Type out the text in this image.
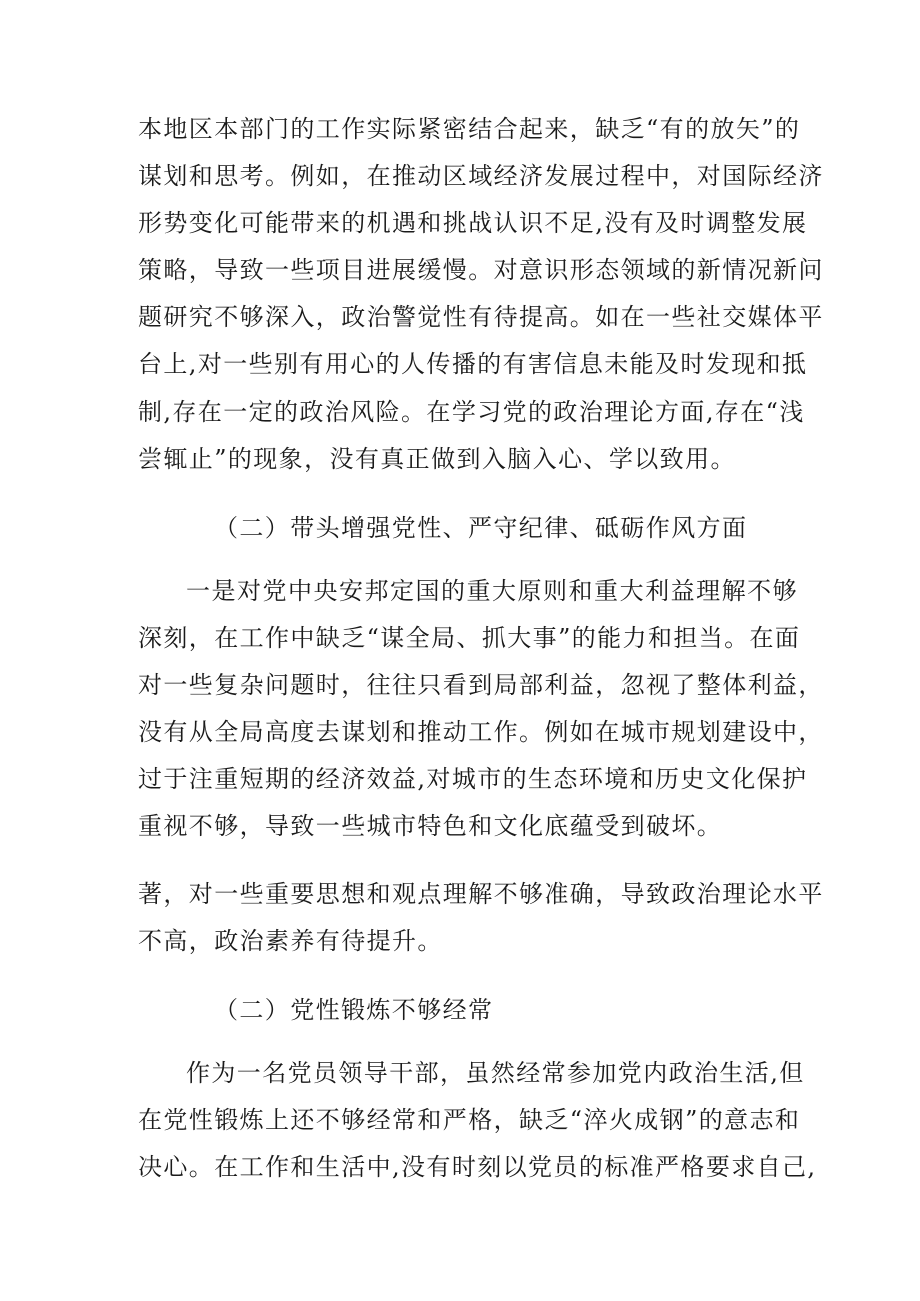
本地区本部门的工作实际紧密结合起来，缺乏“有的放矢”的
谋划和思考。例如，在推动区域经济发展过程中，对国际经济
形势变化可能带来的机遇和挑战认识不足,没有及时调整发展
策略，导致一些项目进展缓慢。对意识形态领域的新情况新问
题研究不够深入，政治警觉性有待提高。如在一些社交媒体平
台上,对一些别有用心的人传播的有害信息未能及时发现和抵
制,存在一定的政治风险。在学习党的政治理论方面,存在“浅
尝辄止”的现象，没有真正做到入脑入心、学以致用。
（二）带头增强党性、严守纪律、砥砺作风方面
一是对党中央安邦定国的重大原则和重大利益理解不够
深刻，在工作中缺乏“谋全局、抓大事”的能力和担当。在面
对一些复杂问题时，往往只看到局部利益，忽视了整体利益，
没有从全局高度去谋划和推动工作。例如在城市规划建设中，
过于注重短期的经济效益,对城市的生态环境和历史文化保护
重视不够，导致一些城市特色和文化底蕴受到破坏。
著，对一些重要思想和观点理解不够准确，导致政治理论水平
不高，政治素养有待提升。
（二）党性锻炼不够经常
作为一名党员领导干部，虽然经常参加党内政治生活,但
在党性锻炼上还不够经常和严格，缺乏“淬火成钢”的意志和
决心。在工作和生活中,没有时刻以党员的标准严格要求自己,
